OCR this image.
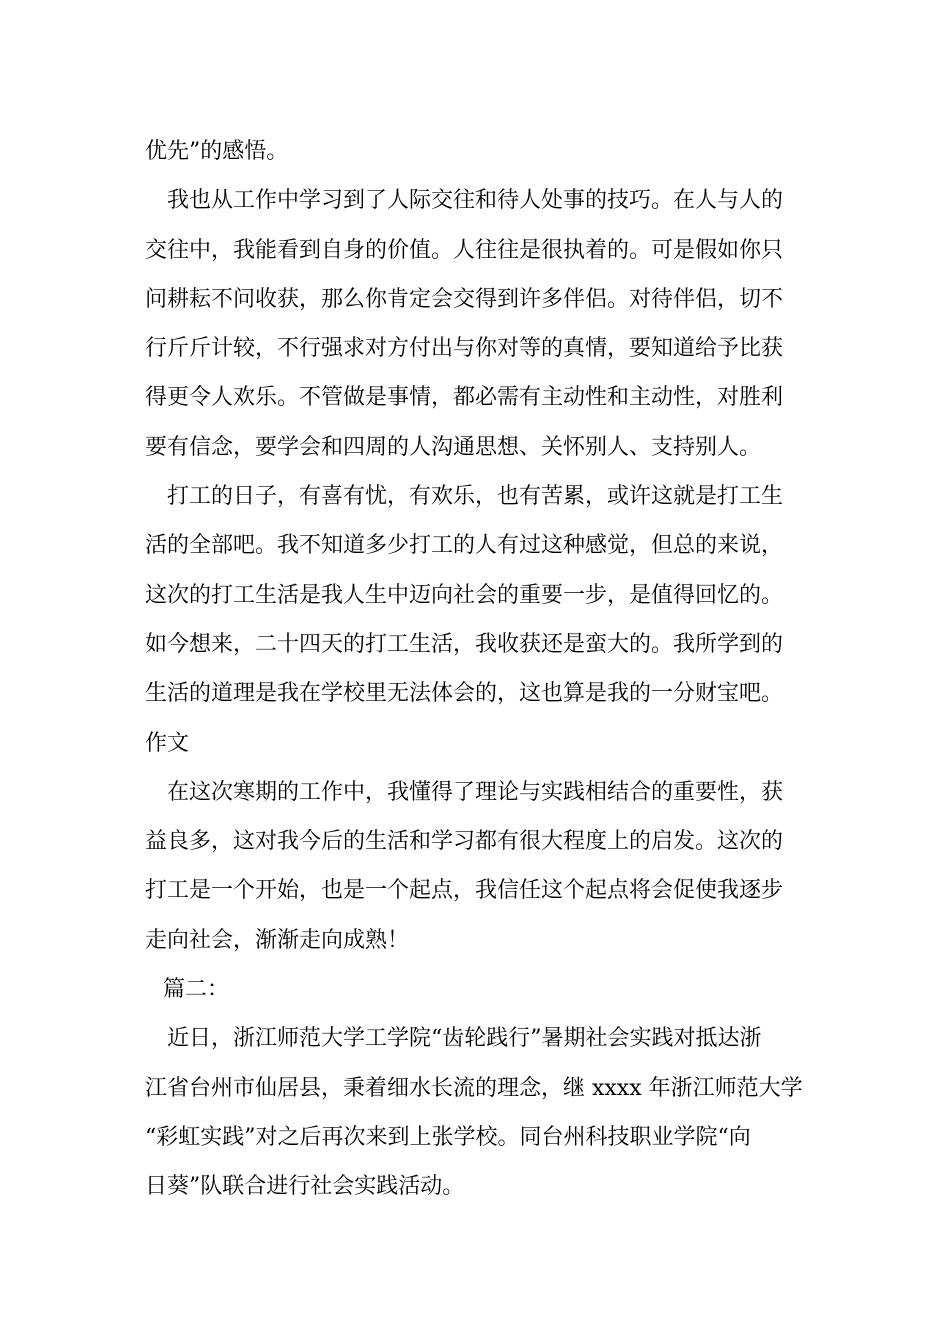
优先”的感悟。
我也从工作中学习到了人际交往和待人处事的技巧。在人与人的
交往中，我能看到自身的价值。人往往是很执着的。可是假如你只
问耕耘不问收获，那么你肯定会交得到许多伴侣。对待伴侣，切不
行斤斤计较，不行强求对方付出与你对等的真情，要知道给予比获
得更令人欢乐。不管做是事情，都必需有主动性和主动性，对胜利
要有信念，要学会和四周的人沟通思想、关怀别人、支持别人。
打工的日子，有喜有忧，有欢乐，也有苦累，或许这就是打工生
活的全部吧。我不知道多少打工的人有过这种感觉，但总的来说，
这次的打工生活是我人生中迈向社会的重要一步，是值得回忆的。
如今想来，二十四天的打工生活，我收获还是蛮大的。我所学到的
生活的道理是我在学校里无法体会的，这也算是我的一分财宝吧。
作文
在这次寒期的工作中，我懂得了理论与实践相结合的重要性，获
益良多，这对我今后的生活和学习都有很大程度上的启发。这次的
打工是一个开始，也是一个起点，我信任这个起点将会促使我逐步
走向社会，渐渐走向成熟！
篇二：
近日，浙江师范大学工学院“齿轮践行”暑期社会实践对抵达浙
江省台州市仙居县，秉着细水长流的理念，继 xxxx 年浙江师范大学
“彩虹实践”对之后再次来到上张学校。同台州科技职业学院“向
日葵”队联合进行社会实践活动。
